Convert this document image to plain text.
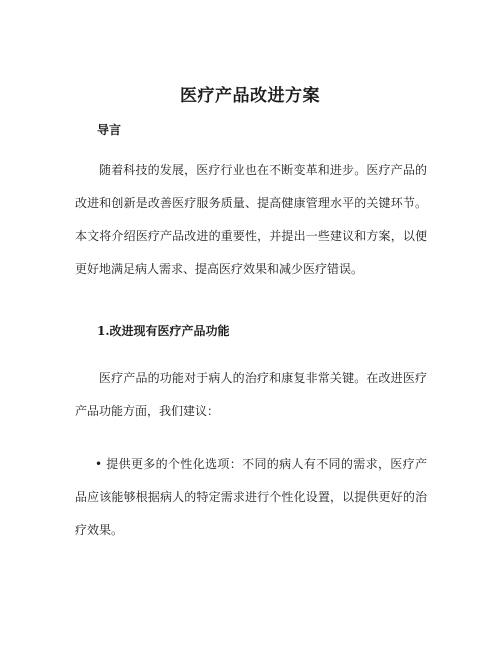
医疗产品改进方案
导言

随着科技的发展，医疗行业也在不断变革和进步。医疗产品的改进和创新是改善医疗服务质量、提高健康管理水平的关键环节。本文将介绍医疗产品改进的重要性，并提出一些建议和方案，以便更好地满足病人需求、提高医疗效果和减少医疗错误。

1.改进现有医疗产品功能

医疗产品的功能对于病人的治疗和康复非常关键。在改进医疗产品功能方面，我们建议：

• 提供更多的个性化选项：不同的病人有不同的需求，医疗产品应该能够根据病人的特定需求进行个性化设置，以提供更好的治疗效果。
